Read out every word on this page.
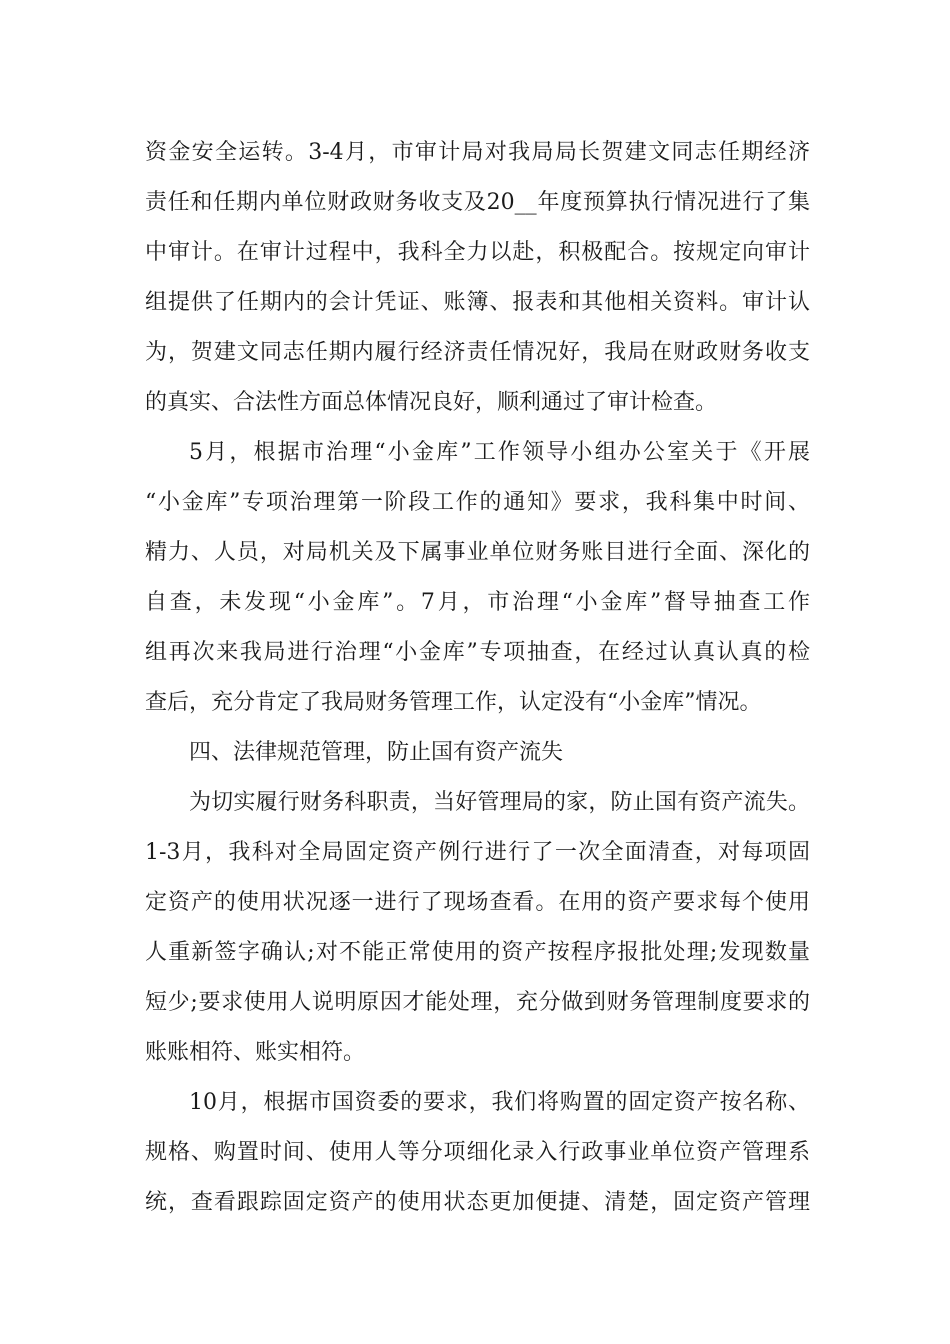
资金安全运转。3-4月，市审计局对我局局长贺建文同志任期经济
责任和任期内单位财政财务收支及20__年度预算执行情况进行了集
中审计。在审计过程中，我科全力以赴，积极配合。按规定向审计
组提供了任期内的会计凭证、账簿、报表和其他相关资料。审计认
为，贺建文同志任期内履行经济责任情况好，我局在财政财务收支
的真实、合法性方面总体情况良好，顺利通过了审计检查。
5月，根据市治理“小金库”工作领导小组办公室关于《开展
“小金库”专项治理第一阶段工作的通知》要求，我科集中时间、
精力、人员，对局机关及下属事业单位财务账目进行全面、深化的
自查，未发现“小金库”。7月，市治理“小金库”督导抽查工作
组再次来我局进行治理“小金库”专项抽查，在经过认真认真的检
查后，充分肯定了我局财务管理工作，认定没有“小金库”情况。
四、法律规范管理，防止国有资产流失
为切实履行财务科职责，当好管理局的家，防止国有资产流失。
1-3月，我科对全局固定资产例行进行了一次全面清查，对每项固
定资产的使用状况逐一进行了现场查看。在用的资产要求每个使用
人重新签字确认;对不能正常使用的资产按程序报批处理;发现数量
短少;要求使用人说明原因才能处理，充分做到财务管理制度要求的
账账相符、账实相符。
10月，根据市国资委的要求，我们将购置的固定资产按名称、
规格、购置时间、使用人等分项细化录入行政事业单位资产管理系
统，查看跟踪固定资产的使用状态更加便捷、清楚，固定资产管理
